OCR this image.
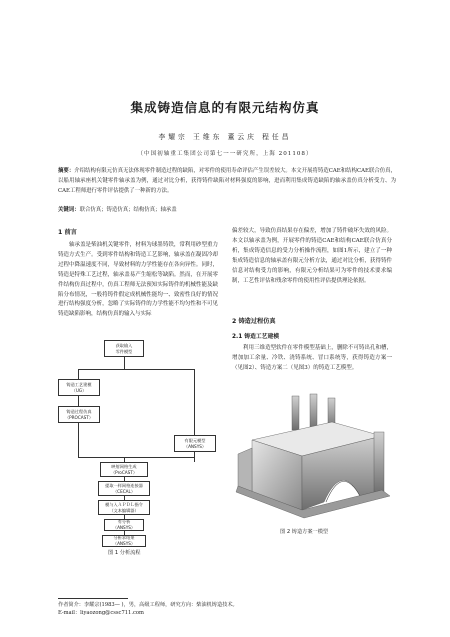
集成铸造信息的有限元结构仿真
李耀宗 王维东 董云庆 程任昌
（中国初轴重工集团公司第七一一研究所，上海 201108）
摘要：介绍结构有限元仿真无法体现零件制造过程的缺陷，对零件的使用寿命评估产生误差较大。本文开展将铸造CAE和结构CAE联合仿真，以船用轴承座机关键零件轴承盖为例，通过对比分析，获得铸件缺陷对材料强度的影响，进而利用集成铸造缺陷的轴承盖仿真分析受力、为CAE工程师进行零件评估提供了一种新的方法。
关键词：联合仿真；铸造仿真；结构仿真；轴承盖
1 前言
轴承盖是柴油机关键零件，材料为球墨铸铁，常利用砂型重力铸造方式生产。受到零件结构和铸造工艺影响，轴承盖在凝固冷却过程中降温速度不同，导致材料的力学性能存在各向异性。同时，铸造是特殊工艺过程，轴承盖易产生缩松等缺陷。然而，在开展零件结构仿真过程中，仿真工程师无法预知实际铸件的机械性能及缺陷分布情况，一般将铸件假定成机械性能均一、致密性良好的情况进行结构强度分析，忽略了实际铸件的力学性能不均匀性和不可见铸造缺陷影响，结构仿真的输入与实际
获取输入
零件模型
铸造工艺建模
（UG）
铸造过程仿真
（PROCAST）
有限元模型
（ANSYS）
映射网格生成
（ProCAST）
提取一样网格连接器
（CECAL）
模与入ＡＰＤＬ指令
（文本编辑器）
有分析
（ANSYS）
分析求结果
（ANSYS）
图 1 分析流程
偏差较大，导致仿真结果存在偏差，增加了铸件破坏失效的风险。本文以轴承盖为例，开展零件的铸造CAE和结构CAE联合仿真分析，集成铸造信息的受力分析操作流程，如图1所示，建立了一种集成铸造信息的轴承盖有限元分析方法，通过对比分析，获得铸件信息对结构受力的影响，有限元分析结果可为零件的技术要求编制，工艺性评估和残余零件的使用性评估提供理论依据。
2 铸造过程仿真
2.1 铸造工艺建模
利用三维造型软件在零件模型基础上，删除不可铸出孔和槽，增加加工余量、冷铁、浇铸系统、冒口系统等，获得铸造方案一（见图2）、铸造方案二（见图3）的铸造工艺模型。
图 2 铸造方案一模型
作者简介：李耀宗(1983— )，男，高级工程师，研究方向：柴油机铸造技术。
E-mail：liyaozong@cssc711.com
